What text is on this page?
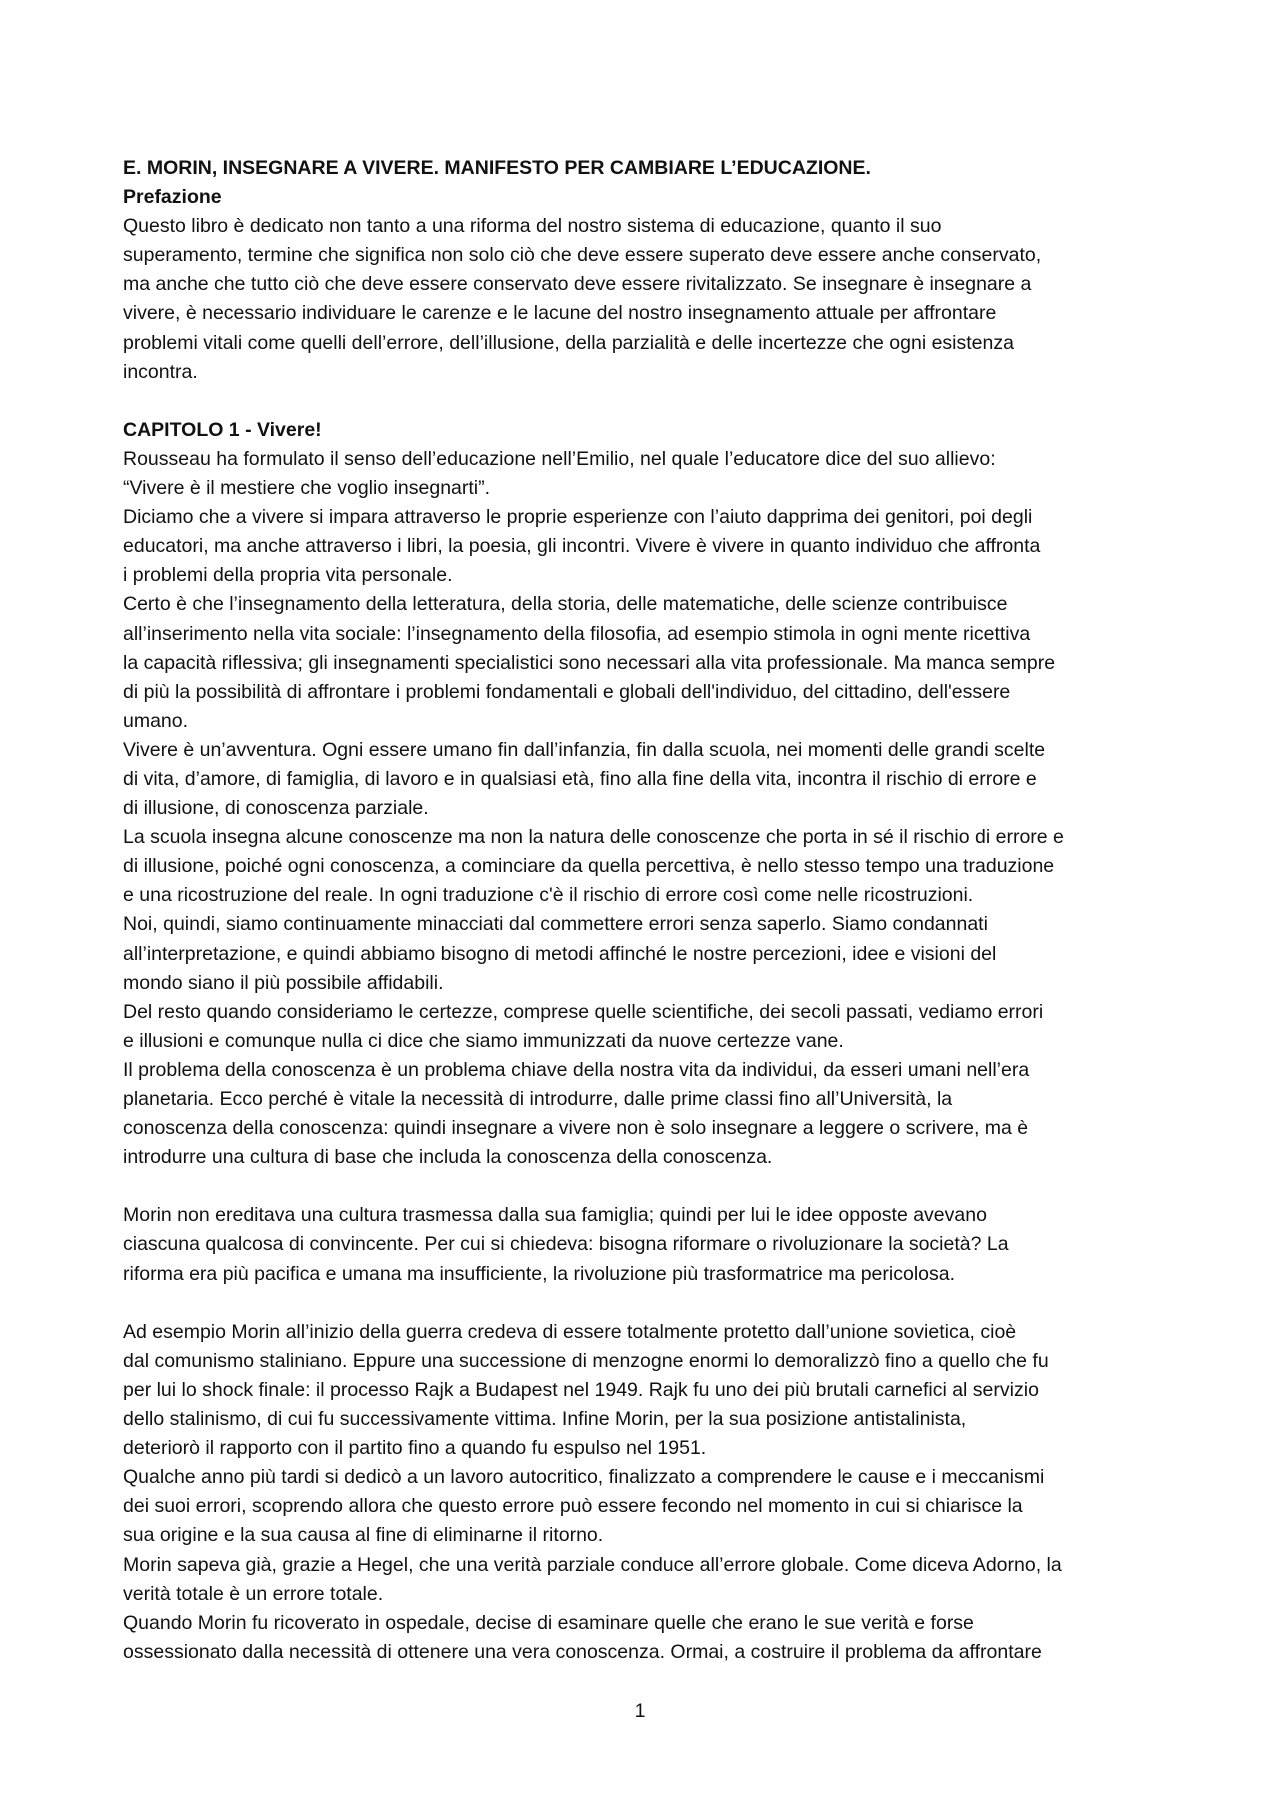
E. MORIN, INSEGNARE A VIVERE. MANIFESTO PER CAMBIARE L’EDUCAZIONE.

Prefazione

Questo libro è dedicato non tanto a una riforma del nostro sistema di educazione, quanto il suo

superamento, termine che significa non solo ciò che deve essere superato deve essere anche conservato,

ma anche che tutto ciò che deve essere conservato deve essere rivitalizzato. Se insegnare è insegnare a

vivere, è necessario individuare le carenze e le lacune del nostro insegnamento attuale per affrontare

problemi vitali come quelli dell’errore, dell’illusione, della parzialità e delle incertezze che ogni esistenza

incontra.

CAPITOLO 1 - Vivere!

Rousseau ha formulato il senso dell’educazione nell’Emilio, nel quale l’educatore dice del suo allievo:

“Vivere è il mestiere che voglio insegnarti”.

Diciamo che a vivere si impara attraverso le proprie esperienze con l’aiuto dapprima dei genitori, poi degli

educatori, ma anche attraverso i libri, la poesia, gli incontri. Vivere è vivere in quanto individuo che affronta

i problemi della propria vita personale.

Certo è che l’insegnamento della letteratura, della storia, delle matematiche, delle scienze contribuisce

all’inserimento nella vita sociale: l’insegnamento della filosofia, ad esempio stimola in ogni mente ricettiva

la capacità riflessiva; gli insegnamenti specialistici sono necessari alla vita professionale. Ma manca sempre

di più la possibilità di affrontare i problemi fondamentali e globali dell'individuo, del cittadino, dell'essere

umano.

Vivere è un’avventura. Ogni essere umano fin dall’infanzia, fin dalla scuola, nei momenti delle grandi scelte

di vita, d’amore, di famiglia, di lavoro e in qualsiasi età, fino alla fine della vita, incontra il rischio di errore e

di illusione, di conoscenza parziale.

La scuola insegna alcune conoscenze ma non la natura delle conoscenze che porta in sé il rischio di errore e

di illusione, poiché ogni conoscenza, a cominciare da quella percettiva, è nello stesso tempo una traduzione

e una ricostruzione del reale. In ogni traduzione c'è il rischio di errore così come nelle ricostruzioni.

Noi, quindi, siamo continuamente minacciati dal commettere errori senza saperlo. Siamo condannati

all’interpretazione, e quindi abbiamo bisogno di metodi affinché le nostre percezioni, idee e visioni del

mondo siano il più possibile affidabili.

Del resto quando consideriamo le certezze, comprese quelle scientifiche, dei secoli passati, vediamo errori

e illusioni e comunque nulla ci dice che siamo immunizzati da nuove certezze vane.

Il problema della conoscenza è un problema chiave della nostra vita da individui, da esseri umani nell’era

planetaria. Ecco perché è vitale la necessità di introdurre, dalle prime classi fino all’Università, la

conoscenza della conoscenza: quindi insegnare a vivere non è solo insegnare a leggere o scrivere, ma è

introdurre una cultura di base che includa la conoscenza della conoscenza.

Morin non ereditava una cultura trasmessa dalla sua famiglia; quindi per lui le idee opposte avevano

ciascuna qualcosa di convincente. Per cui si chiedeva: bisogna riformare o rivoluzionare la società? La

riforma era più pacifica e umana ma insufficiente, la rivoluzione più trasformatrice ma pericolosa.

Ad esempio Morin all’inizio della guerra credeva di essere totalmente protetto dall’unione sovietica, cioè

dal comunismo staliniano. Eppure una successione di menzogne enormi lo demoralizzò fino a quello che fu

per lui lo shock finale: il processo Rajk a Budapest nel 1949. Rajk fu uno dei più brutali carnefici al servizio

dello stalinismo, di cui fu successivamente vittima. Infine Morin, per la sua posizione antistalinista,

deteriorò il rapporto con il partito fino a quando fu espulso nel 1951.

Qualche anno più tardi si dedicò a un lavoro autocritico, finalizzato a comprendere le cause e i meccanismi

dei suoi errori, scoprendo allora che questo errore può essere fecondo nel momento in cui si chiarisce la

sua origine e la sua causa al fine di eliminarne il ritorno.

Morin sapeva già, grazie a Hegel, che una verità parziale conduce all’errore globale. Come diceva Adorno, la

verità totale è un errore totale.

Quando Morin fu ricoverato in ospedale, decise di esaminare quelle che erano le sue verità e forse

ossessionato dalla necessità di ottenere una vera conoscenza. Ormai, a costruire il problema da affrontare

1
